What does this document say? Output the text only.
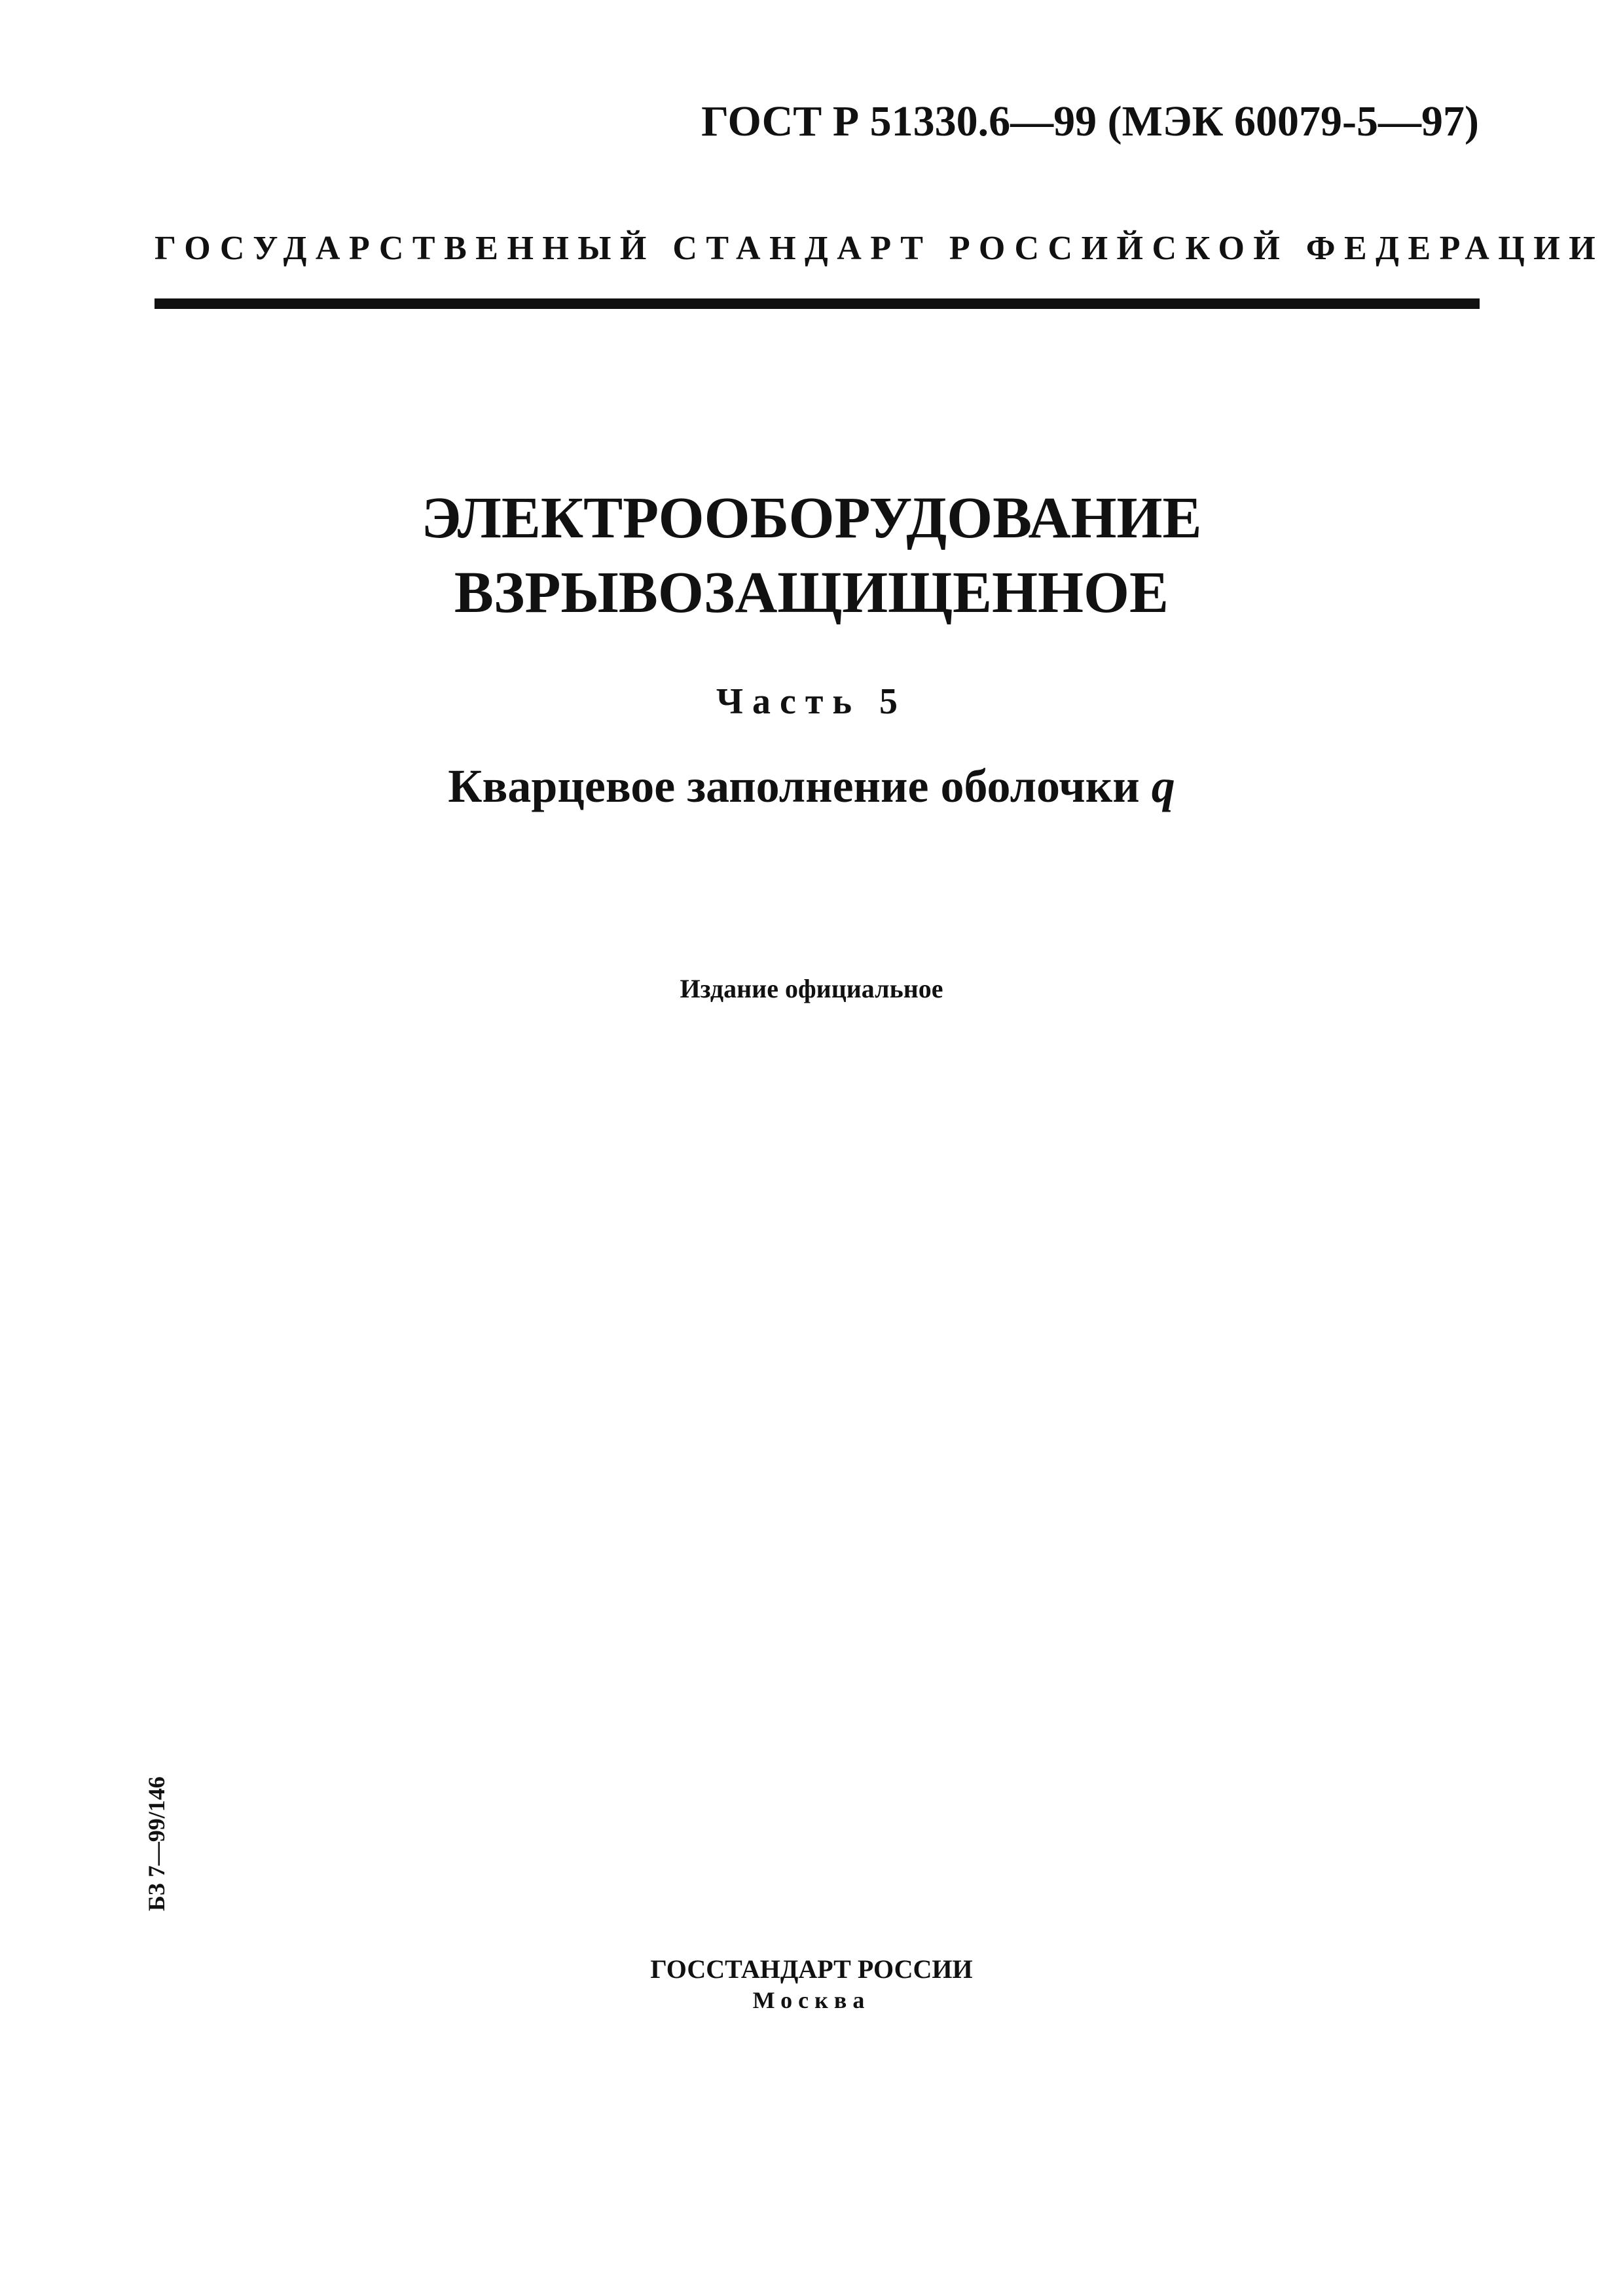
ГОСТ Р 51330.6—99 (МЭК 60079-5—97)
ГОСУДАРСТВЕННЫЙ СТАНДАРТ РОССИЙСКОЙ ФЕДЕРАЦИИ
ЭЛЕКТРООБОРУДОВАНИЕ
ВЗРЫВОЗАЩИЩЕННОЕ
Часть 5
Кварцевое заполнение оболочки q
Издание официальное
БЗ 7—99/146
ГОССТАНДАРТ РОССИИ
Москва
